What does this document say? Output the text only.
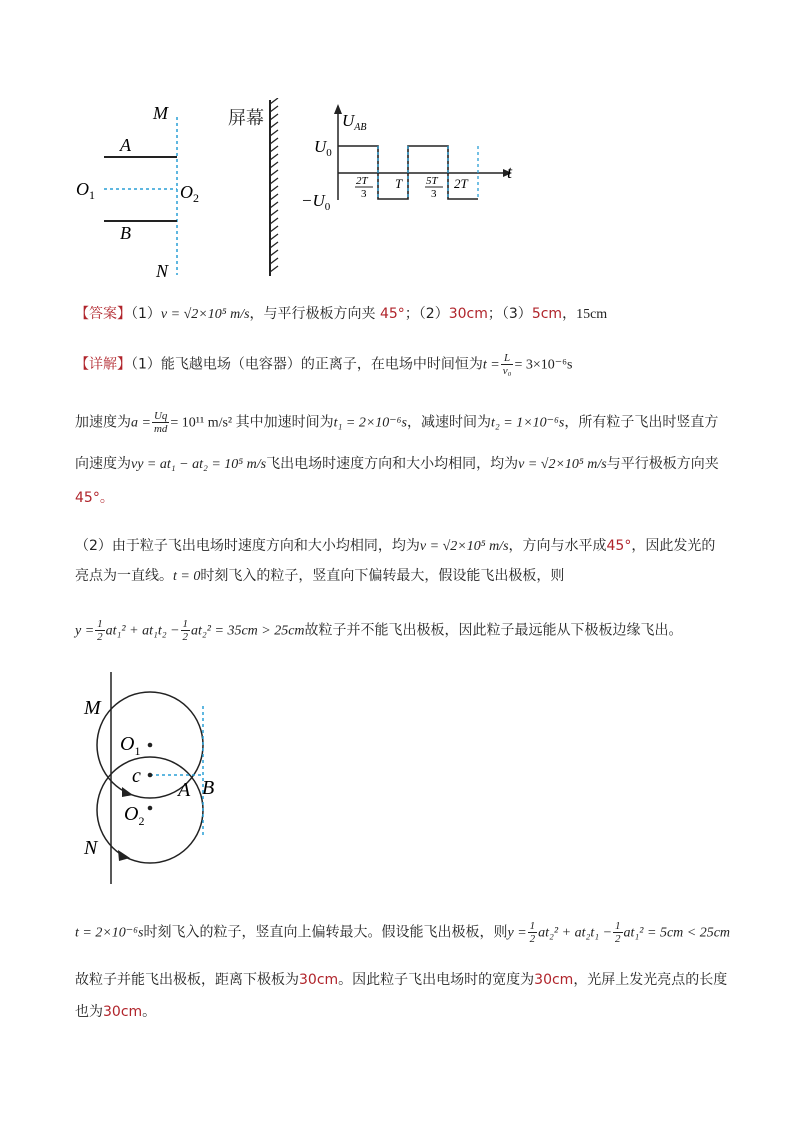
M
A
$O_1$	$O_2$
B
N
屏幕	$U_{AB}$
$U_0$
$-U_0$
t
2T
3
T 5T
3
2T
【答案】（1）v = √2×10⁵ m/s，与平行极板方向夹 45°；（2）30cm；（3）5cm，15cm
【详解】（1）能飞越电场（电容器）的正离子，在电场中时间恒为$t = \frac{L}{\text{v₀}} = 3\times 10^{-6}s$
加速度为$a = \frac{Uq}{md} = 10^{11}$ m/s² 其中加速时间为t₁ = 2×10⁻⁶s，减速时间为t₂ = 1×10⁻⁶s，所有粒子飞出时竖直方
向速度为vy = at₁ − at₂ = 10⁵ m/s飞出电场时速度方向和大小均相同，均为v = √2×10⁵ m/s与平行极板方向夹
45°。
（2）由于粒子飞出电场时速度方向和大小均相同，均为v = √2×10⁵ m/s，方向与水平成45°，因此发光的
亮点为一直线。t = 0时刻飞入的粒子，竖直向下偏转最大，假设能飞出极板，则
$y = \frac{1}{2} at_1^2 + at_1t_2 - \frac{1}{2} at_2^2 = 35cm > 25cm$故粒子并不能飞出极板，因此粒子最远能从下极板边缘飞出。
M
$O_1$
c
A B
$O_2$
N
t = 2×10⁻⁶s时刻飞入的粒子，竖直向上偏转最大。假设能飞出极板，则$y = \frac{1}{2} at_2^2 + at_2t_1 - \frac{1}{2} at_1^2 = 5cm < 25cm$
故粒子并能飞出极板，距离下极板为30cm。因此粒子飞出电场时的宽度为30cm，光屏上发光亮点的长度
也为30cm。
